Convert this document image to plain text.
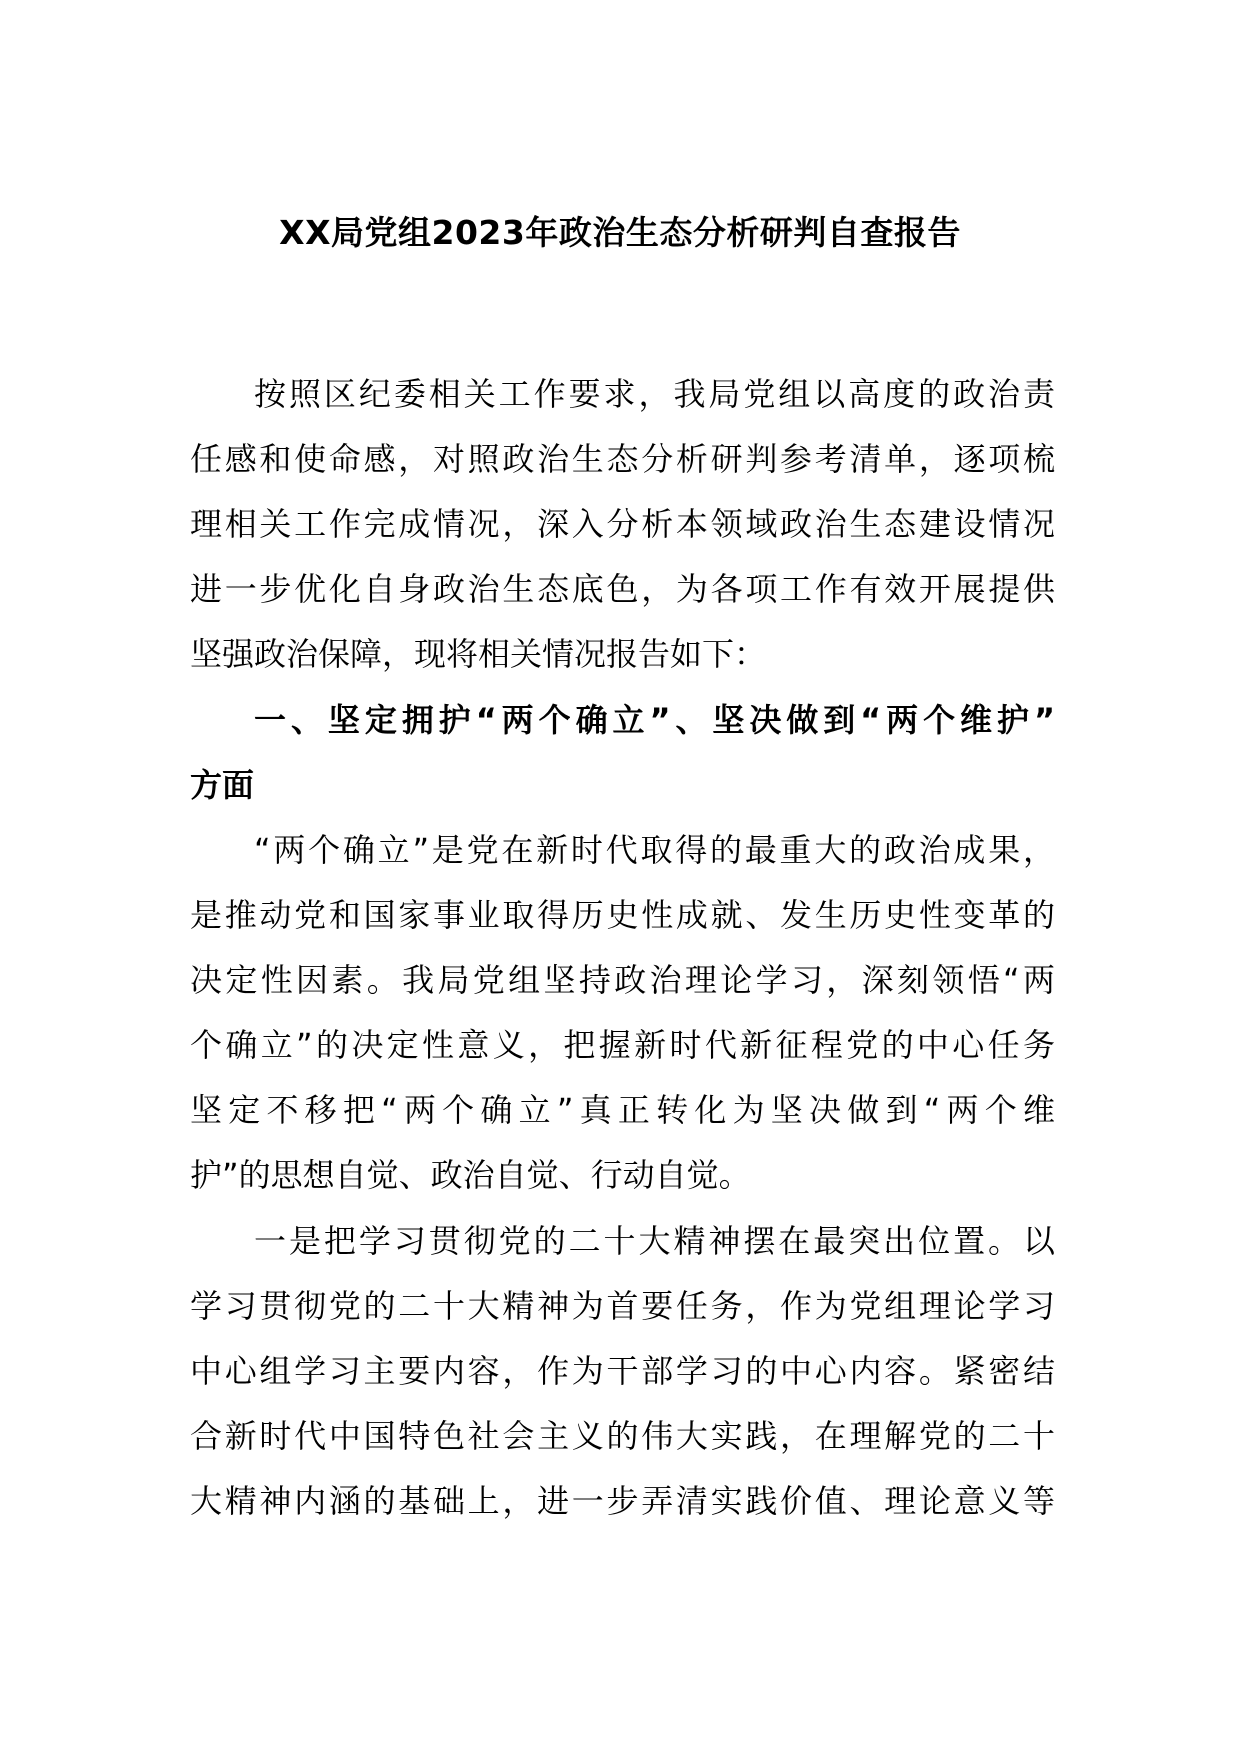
XX局党组2023年政治生态分析研判自查报告
按照区纪委相关工作要求，我局党组以高度的政治责
任感和使命感，对照政治生态分析研判参考清单，逐项梳
理相关工作完成情况，深入分析本领域政治生态建设情况
进一步优化自身政治生态底色，为各项工作有效开展提供
坚强政治保障，现将相关情况报告如下：
一、坚定拥护“两个确立”、坚决做到“两个维护”
方面
“两个确立”是党在新时代取得的最重大的政治成果，
是推动党和国家事业取得历史性成就、发生历史性变革的
决定性因素。我局党组坚持政治理论学习，深刻领悟“两
个确立”的决定性意义，把握新时代新征程党的中心任务
坚定不移把“两个确立”真正转化为坚决做到“两个维
护”的思想自觉、政治自觉、行动自觉。
一是把学习贯彻党的二十大精神摆在最突出位置。以
学习贯彻党的二十大精神为首要任务，作为党组理论学习
中心组学习主要内容，作为干部学习的中心内容。紧密结
合新时代中国特色社会主义的伟大实践，在理解党的二十
大精神内涵的基础上，进一步弄清实践价值、理论意义等
